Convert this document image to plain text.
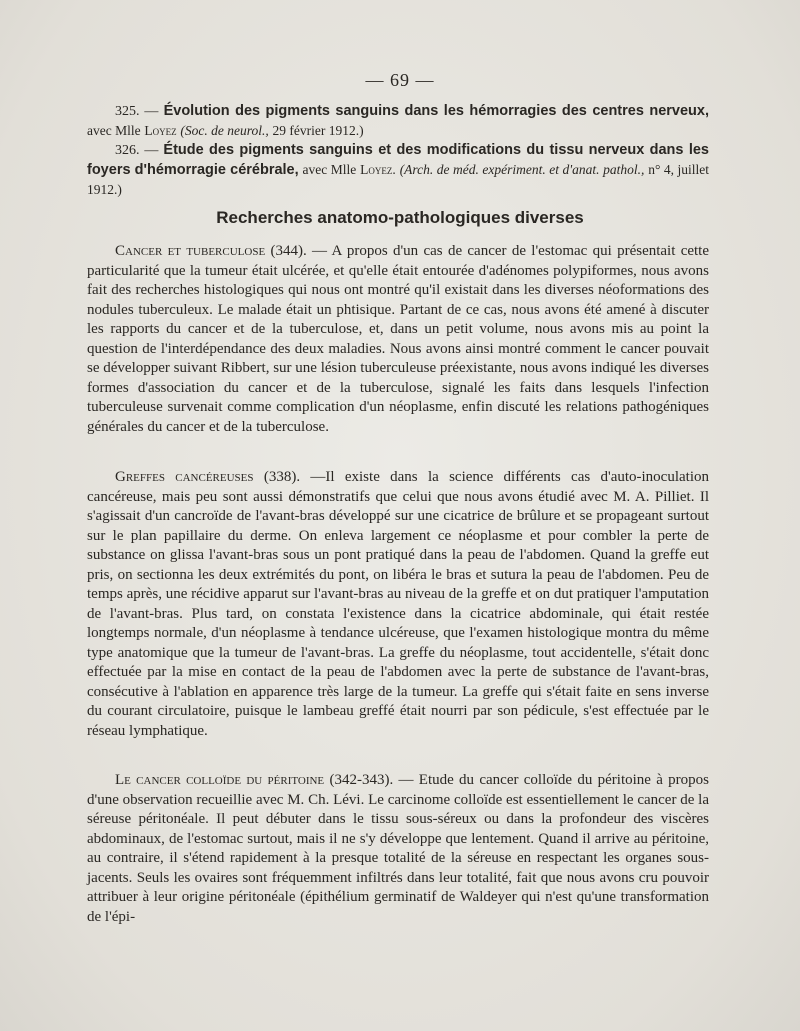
— 69 —

325. — Évolution des pigments sanguins dans les hémorragies des centres nerveux, avec Mlle Loyez (Soc. de neurol., 29 février 1912.)

326. — Étude des pigments sanguins et des modifications du tissu nerveux dans les foyers d'hémorragie cérébrale, avec Mlle Loyez. (Arch. de méd. expériment. et d'anat. pathol., n° 4, juillet 1912.)

Recherches anatomo-pathologiques diverses

Cancer et tuberculose (344). — A propos d'un cas de cancer de l'estomac qui présentait cette particularité que la tumeur était ulcérée, et qu'elle était entourée d'adénomes polypiformes, nous avons fait des recherches histologiques qui nous ont montré qu'il existait dans les diverses néoformations des nodules tuberculeux. Le malade était un phtisique. Partant de ce cas, nous avons été amené à discuter les rapports du cancer et de la tuberculose, et, dans un petit volume, nous avons mis au point la question de l'interdépendance des deux maladies. Nous avons ainsi montré comment le cancer pouvait se développer suivant Ribbert, sur une lésion tuberculeuse préexistante, nous avons indiqué les diverses formes d'association du cancer et de la tuberculose, signalé les faits dans lesquels l'infection tuberculeuse survenait comme complication d'un néoplasme, enfin discuté les relations pathogéniques générales du cancer et de la tuberculose.

Greffes cancéreuses (338). —Il existe dans la science différents cas d'auto-inoculation cancéreuse, mais peu sont aussi démonstratifs que celui que nous avons étudié avec M. A. Pilliet. Il s'agissait d'un cancroïde de l'avant-bras développé sur une cicatrice de brûlure et se propageant surtout sur le plan papillaire du derme. On enleva largement ce néoplasme et pour combler la perte de substance on glissa l'avant-bras sous un pont pratiqué dans la peau de l'abdomen. Quand la greffe eut pris, on sectionna les deux extrémités du pont, on libéra le bras et sutura la peau de l'abdomen. Peu de temps après, une récidive apparut sur l'avant-bras au niveau de la greffe et on dut pratiquer l'amputation de l'avant-bras. Plus tard, on constata l'existence dans la cicatrice abdominale, qui était restée longtemps normale, d'un néoplasme à tendance ulcéreuse, que l'examen histologique montra du même type anatomique que la tumeur de l'avant-bras. La greffe du néoplasme, tout accidentelle, s'était donc effectuée par la mise en contact de la peau de l'abdomen avec la perte de substance de l'avant-bras, consécutive à l'ablation en apparence très large de la tumeur. La greffe qui s'était faite en sens inverse du courant circulatoire, puisque le lambeau greffé était nourri par son pédicule, s'est effectuée par le réseau lymphatique.

Le cancer colloïde du péritoine (342-343). — Etude du cancer colloïde du péritoine à propos d'une observation recueillie avec M. Ch. Lévi. Le carcinome colloïde est essentiellement le cancer de la séreuse péritonéale. Il peut débuter dans le tissu sous-séreux ou dans la profondeur des viscères abdominaux, de l'estomac surtout, mais il ne s'y développe que lentement. Quand il arrive au péritoine, au contraire, il s'étend rapidement à la presque totalité de la séreuse en respectant les organes sous-jacents. Seuls les ovaires sont fréquemment infiltrés dans leur totalité, fait que nous avons cru pouvoir attribuer à leur origine péritonéale (épithélium germinatif de Waldeyer qui n'est qu'une transformation de l'épi-
